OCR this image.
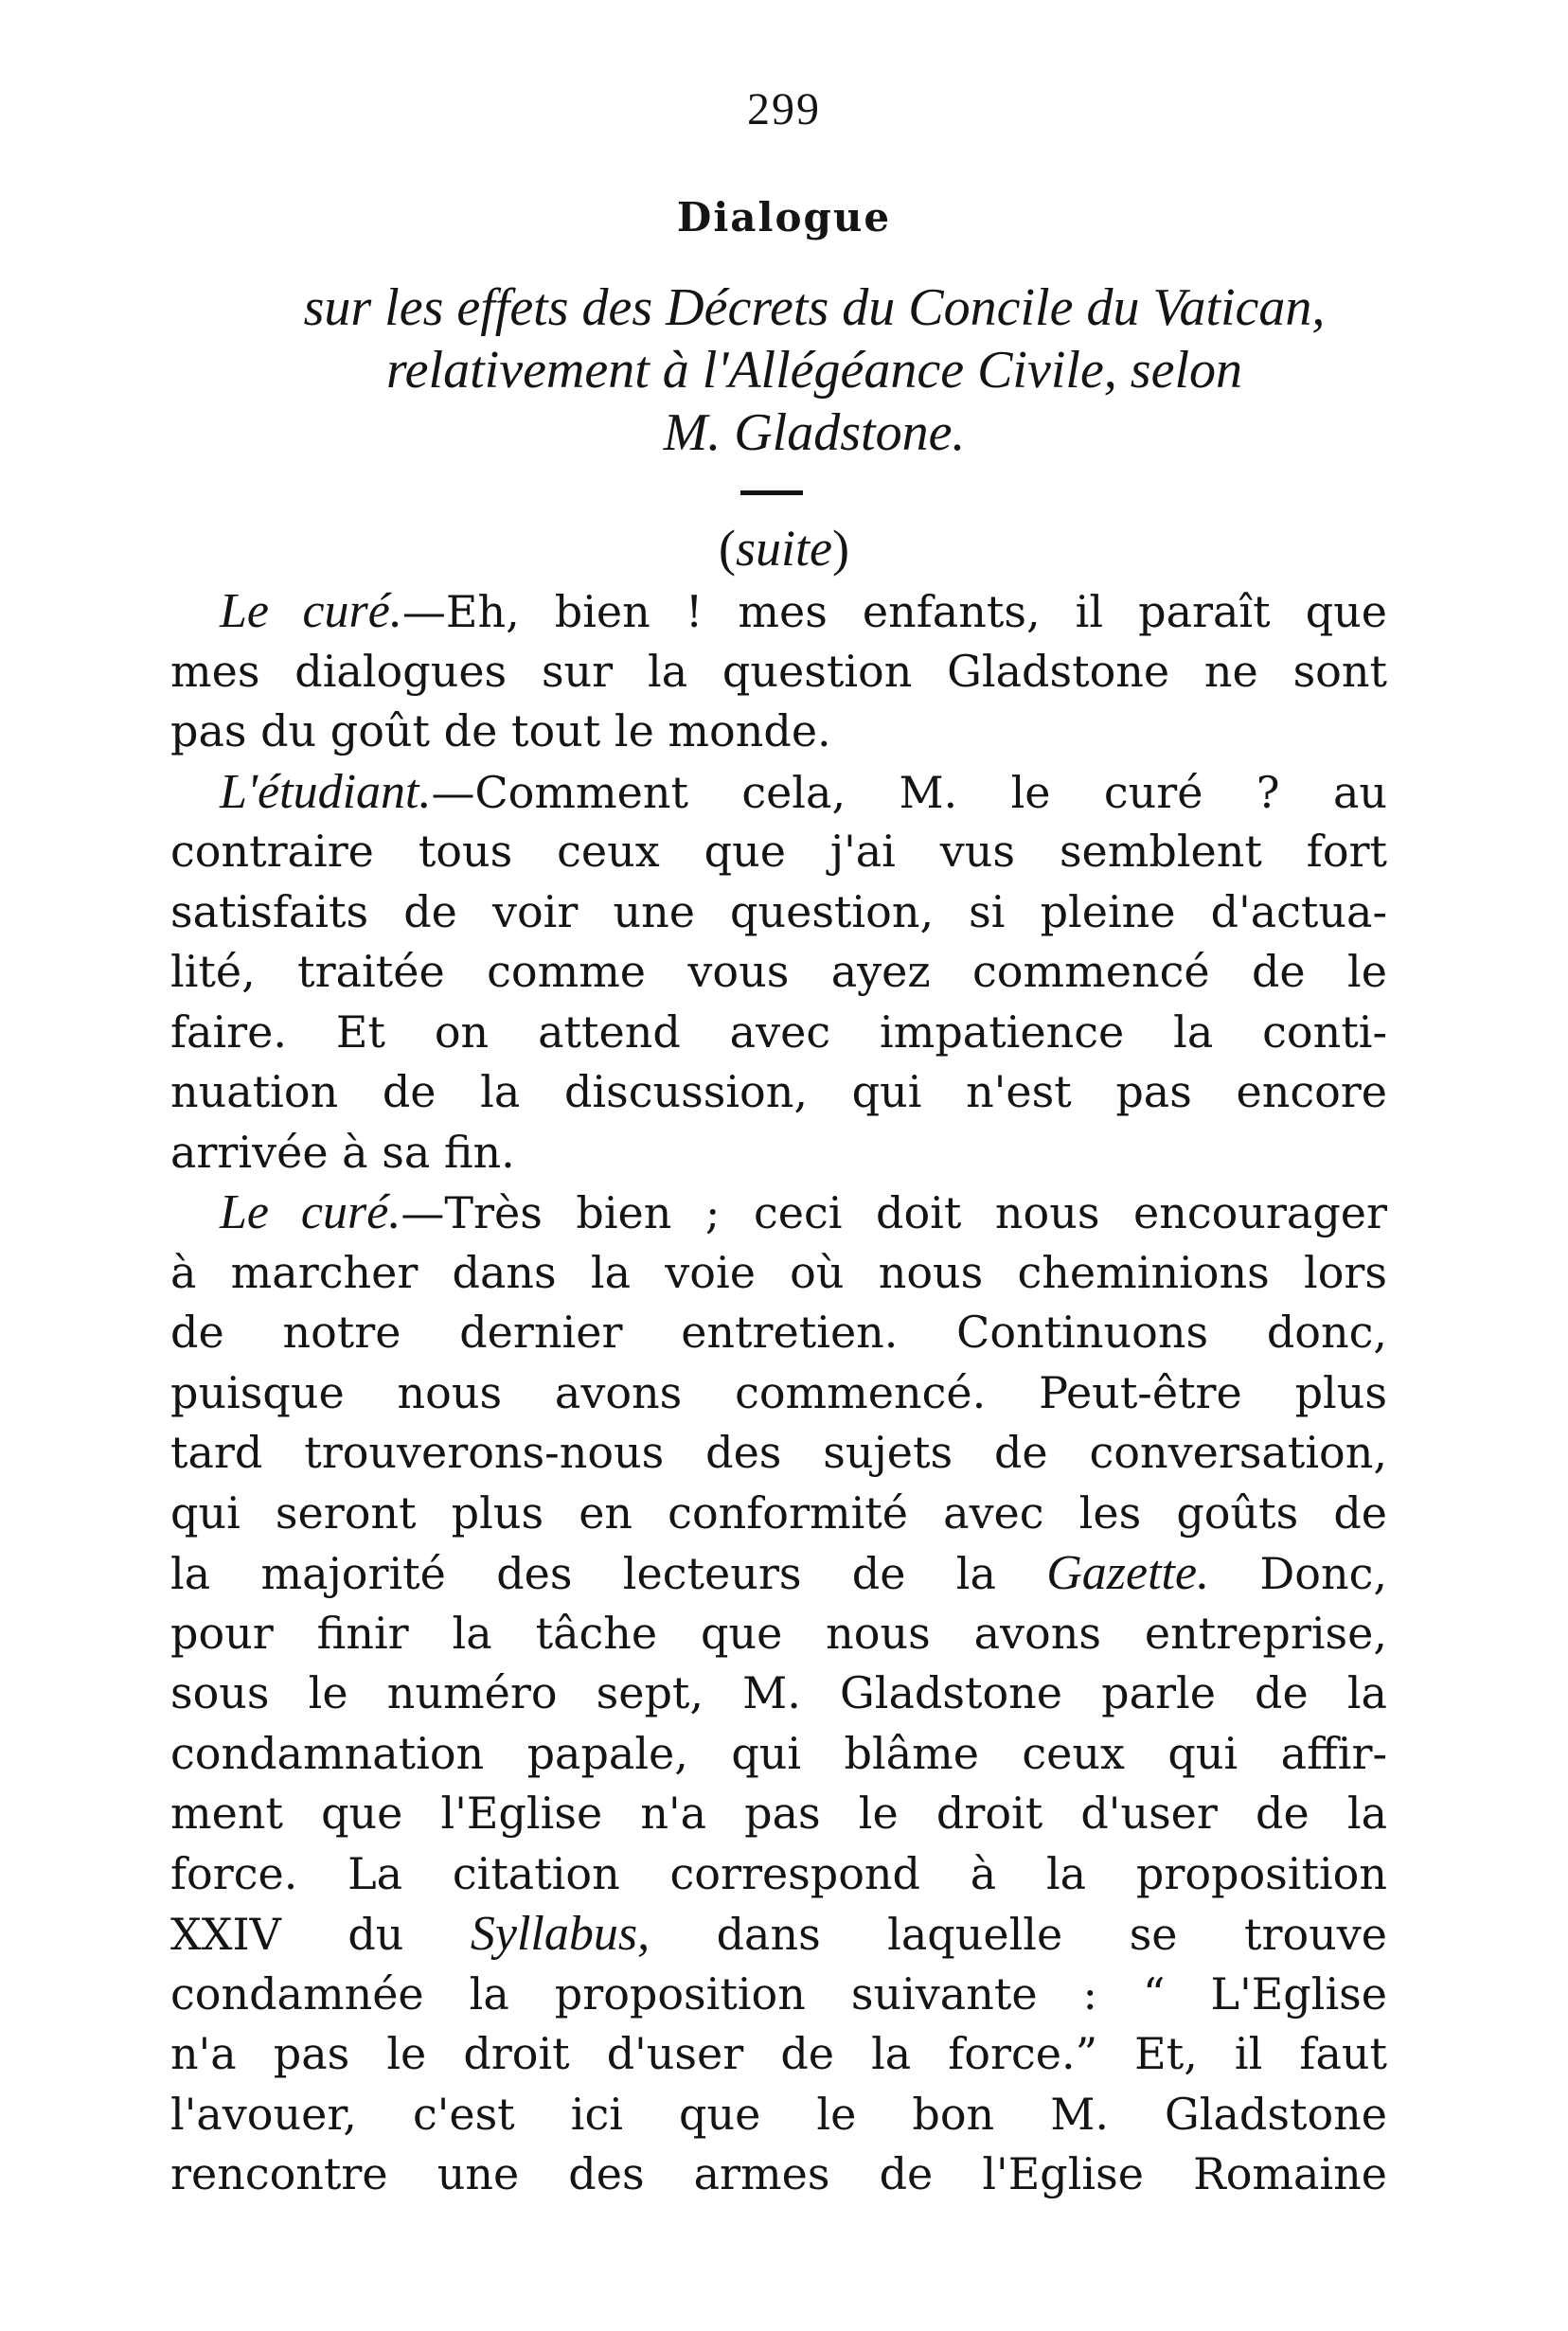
299
Dialogue
sur les effets des Décrets du Concile du Vatican,
relativement à l'Allégéance Civile, selon
M. Gladstone.
(suite)
Le curé.—Eh, bien ! mes enfants, il paraît que
mes dialogues sur la question Gladstone ne sont
pas du goût de tout le monde.
L'étudiant.—Comment cela, M. le curé ? au
contraire tous ceux que j'ai vus semblent fort
satisfaits de voir une question, si pleine d'actua-
lité, traitée comme vous ayez commencé de le
faire. Et on attend avec impatience la conti-
nuation de la discussion, qui n'est pas encore
arrivée à sa fin.
Le curé.—Très bien ; ceci doit nous encourager
à marcher dans la voie où nous cheminions lors
de notre dernier entretien. Continuons donc,
puisque nous avons commencé. Peut-être plus
tard trouverons-nous des sujets de conversation,
qui seront plus en conformité avec les goûts de
la majorité des lecteurs de la Gazette. Donc,
pour finir la tâche que nous avons entreprise,
sous le numéro sept, M. Gladstone parle de la
condamnation papale, qui blâme ceux qui affir-
ment que l'Eglise n'a pas le droit d'user de la
force. La citation correspond à la proposition
XXIV du Syllabus, dans laquelle se trouve
condamnée la proposition suivante : “ L'Eglise
n'a pas le droit d'user de la force.” Et, il faut
l'avouer, c'est ici que le bon M. Gladstone
rencontre une des armes de l'Eglise Romaine
